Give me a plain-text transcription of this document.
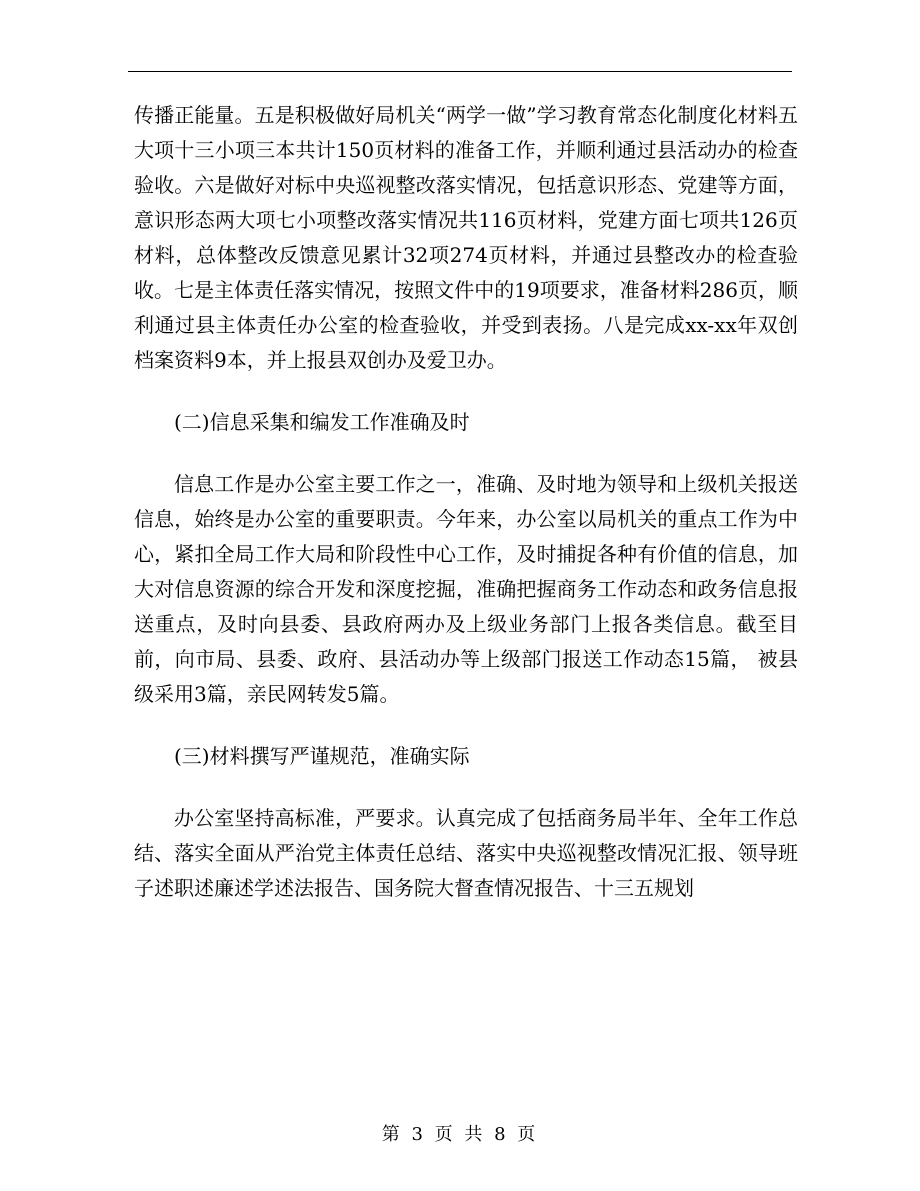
传播正能量。五是积极做好局机关“两学一做”学习教育常态化制度化材料五大项十三小项三本共计150页材料的准备工作，并顺利通过县活动办的检查验收。六是做好对标中央巡视整改落实情况，包括意识形态、党建等方面，意识形态两大项七小项整改落实情况共116页材料，党建方面七项共126页材料，总体整改反馈意见累计32项274页材料，并通过县整改办的检查验收。七是主体责任落实情况，按照文件中的19项要求，准备材料286页，顺利通过县主体责任办公室的检查验收，并受到表扬。八是完成xx-xx年双创档案资料9本，并上报县双创办及爱卫办。

(二)信息采集和编发工作准确及时

信息工作是办公室主要工作之一，准确、及时地为领导和上级机关报送信息，始终是办公室的重要职责。今年来，办公室以局机关的重点工作为中心，紧扣全局工作大局和阶段性中心工作，及时捕捉各种有价值的信息，加大对信息资源的综合开发和深度挖掘，准确把握商务工作动态和政务信息报送重点，及时向县委、县政府两办及上级业务部门上报各类信息。截至目前，向市局、县委、政府、县活动办等上级部门报送工作动态15篇， 被县级采用3篇，亲民网转发5篇。

(三)材料撰写严谨规范，准确实际

办公室坚持高标准，严要求。认真完成了包括商务局半年、全年工作总结、落实全面从严治党主体责任总结、落实中央巡视整改情况汇报、领导班子述职述廉述学述法报告、国务院大督查情况报告、十三五规划

第 3 页 共 8 页
